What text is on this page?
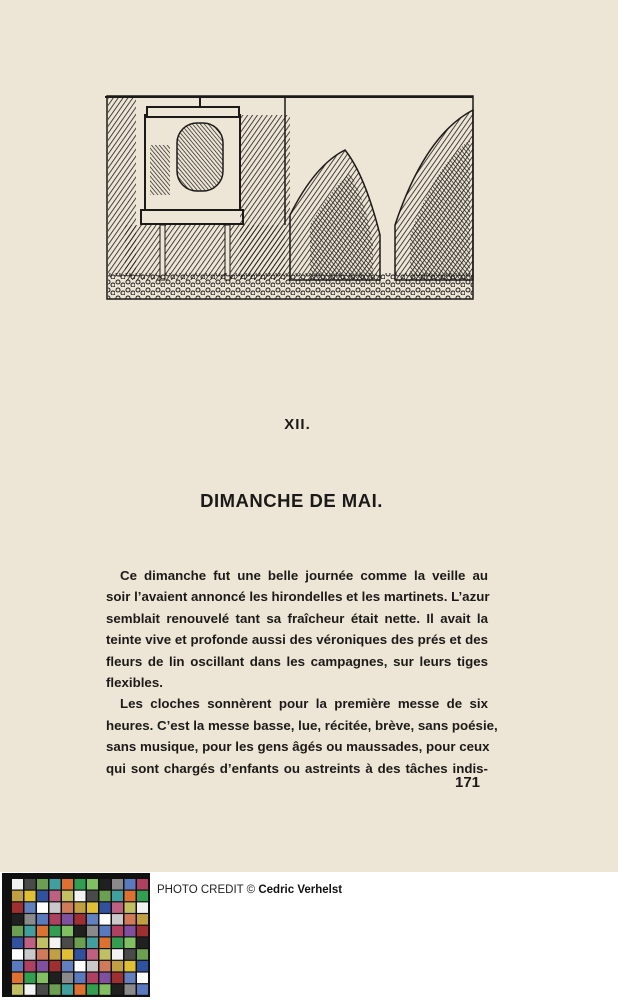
XII.
DIMANCHE DE MAI.
Ce dimanche fut une belle journée comme la veille au
soir l’avaient annoncé les hirondelles et les martinets. L’azur
semblait renouvelé tant sa fraîcheur était nette. Il avait la
teinte vive et profonde aussi des véroniques des prés et des
fleurs de lin oscillant dans les campagnes, sur leurs tiges
flexibles.
Les cloches sonnèrent pour la première messe de six
heures. C’est la messe basse, lue, récitée, brève, sans poésie,
sans musique, pour les gens âgés ou maussades, pour ceux
qui sont chargés d’enfants ou astreints à des tâches indis-
171
PHOTO CREDIT © Cedric Verhelst
